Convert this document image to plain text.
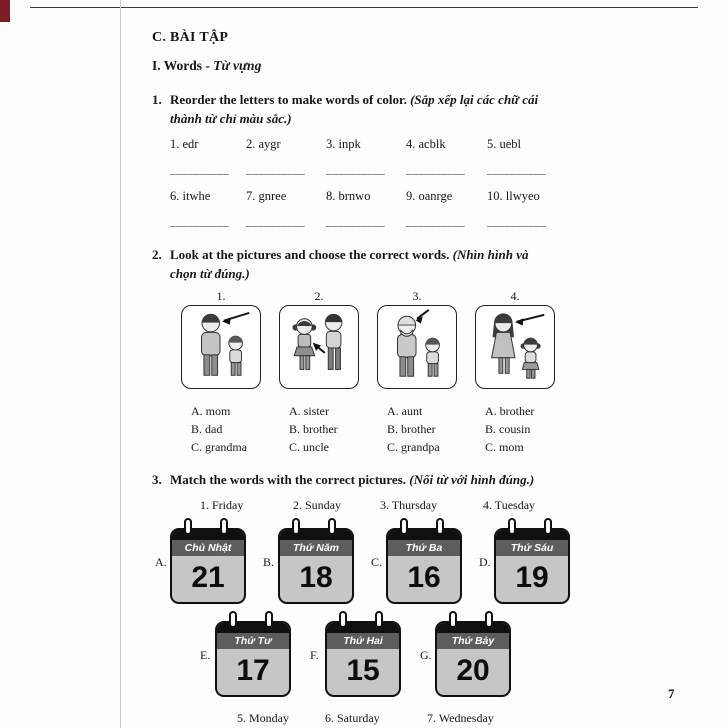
C. BÀI TẬP
I. Words - Từ vựng
1. Reorder the letters to make words of color. (Sắp xếp lại các chữ cái
thành từ chỉ màu sắc.)
1. edr	2. aygr	3. inpk	4. acblk	5. uebl
__________	__________	__________	__________	__________
6. itwhe	7. gnree	8. brnwo	9. oanrge	10. llwyeo
__________	__________	__________	__________	__________
2. Look at the pictures and choose the correct words. (Nhìn hình và
chọn từ đúng.)
1.
A. mom
B. dad
C. grandma
2.
A. sister
B. brother
C. uncle
3.
A. aunt
B. brother
C. grandpa
4.
A. brother
B. cousin
C. mom
3. Match the words with the correct pictures. (Nối từ với hình đúng.)
1. Friday	2. Sunday	3. Thursday	4. Tuesday
A.
Chủ Nhật
21	B.
Thứ Năm
18	C.
Thứ Ba
16	D.
Thứ Sáu
19
E.
Thứ Tư
17	F.
Thứ Hai
15	G.
Thứ Bảy
20
5. Monday	6. Saturday	7. Wednesday
7
